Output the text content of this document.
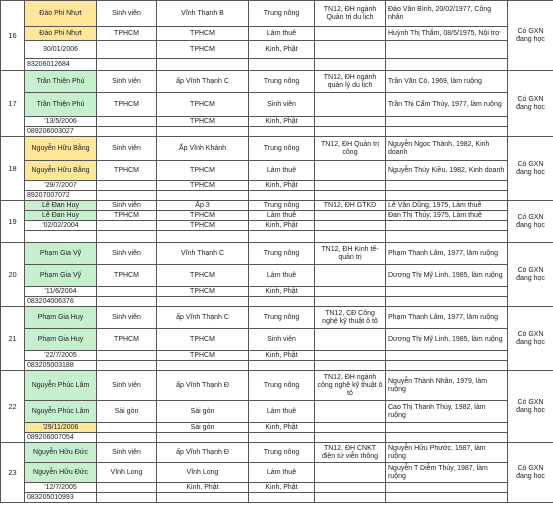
16	Đào Phi Nhựt	Sinh viên	Vĩnh Thạnh B	Trung nông	TN12, ĐH ngành Quản trị du lịch	Đào Văn Bình, 20/02/1977, Công nhân	Có GXN đang học
	Đào Phi Nhựt	TPHCM	TPHCM	Làm thuê		Huỳnh Thị Thắm, 08/5/1975, Nội trợ	
	30/01/2006		TPHCM	Kinh, Phật			
	83206012684						
17	Trần Thiện Phú	Sinh viên	ấp Vĩnh Thạnh C	Trung nông	TN12, ĐH ngành quản lý du lịch	Trần Văn Cò, 1969, làm ruộng	Có GXN đang học
	Trần Thiện Phú	TPHCM	TPHCM	Sinh viên		Trần Thị Cẩm Thúy, 1977, làm ruộng	
	'13/5/2006		TPHCM	Kinh, Phật			
	089206003027						
18	Nguyễn Hữu Bằng	Sinh viên	Ấp Vĩnh Khánh	Trung nông	TN12, ĐH Quản trị công	Nguyễn Ngọc Thành, 1982, Kinh doanh	Có GXN đang học
	Nguyễn Hữu Bằng	TPHCM	TPHCM	Làm thuê		Nguyễn Thúy Kiều, 1982, Kinh doanh	
	'29/7/2007		TPHCM	Kinh, Phật			
	89207007072						
19	Lê Đan Huy	Sinh viên	Ấp 3	Trung nông	TN12, ĐH GTKD	Lê Văn Dũng, 1975, Làm thuê	Có GXN đang học
	Lê Đan Huy	TPHCM	TPHCM	Làm thuê		Đan Thị Thúy, 1975, Làm thuê	
	'02/02/2004		TPHCM	Kinh, Phật			

20	Phạm Gia Vỹ	Sinh viên	Vĩnh Thạnh C	Trung nông	TN12, ĐH Kinh tế-quản trị	Phạm Thanh Lâm, 1977, làm ruộng	Có GXN đang học
	Phạm Gia Vỹ	TPHCM	TPHCM	Làm thuê		Dương Thị Mỹ Linh, 1985, làm ruộng	
	'11/6/2004		TPHCM	Kinh, Phật			
	083204006376						
21	Phạm Gia Huy	Sinh viên	ấp Vĩnh Thạnh C	Trung nông	TN12, CĐ Công nghệ kỹ thuật ô tô	Phạm Thanh Lâm, 1977, làm ruộng	Có GXN đang học
	Phạm Gia Huy	TPHCM	TPHCM	Sinh viên		Dương Thị Mỹ Linh, 1985, làm ruộng	
	'22/7/2005		TPHCM	Kinh, Phật			
	083205003188						
22	Nguyễn Phúc Lâm	Sinh viên	ấp Vĩnh Thạnh Đ	Trung nông	TN12, ĐH ngành công nghệ kỹ thuật ô tô	Nguyễn Thành Nhân, 1979, làm ruộng	Có GXN đang học
	Nguyễn Phúc Lâm	Sài gòn	Sài gòn	Làm thuê		Cao Thị Thanh Thúy, 1982, làm ruộng	
	'29/11/2006		Sài gòn	Kinh, Phật			
	089206007054						
23	Nguyễn Hữu Đức	Sinh viên	ấp Vĩnh Thạnh Đ	Trung nông	TN12, ĐH CNKT điện tử viễn thông	Nguyễn Hữu Phước, 1987, làm ruộng	Có GXN đang học
	Nguyễn Hữu Đức	Vĩnh Long	Vĩnh Long	Làm thuê		Nguyễn T Diễm Thúy, 1987, làm ruộng	
	'12/7/2005		Kinh, Phật	Kinh, Phật			
	083205010993						
